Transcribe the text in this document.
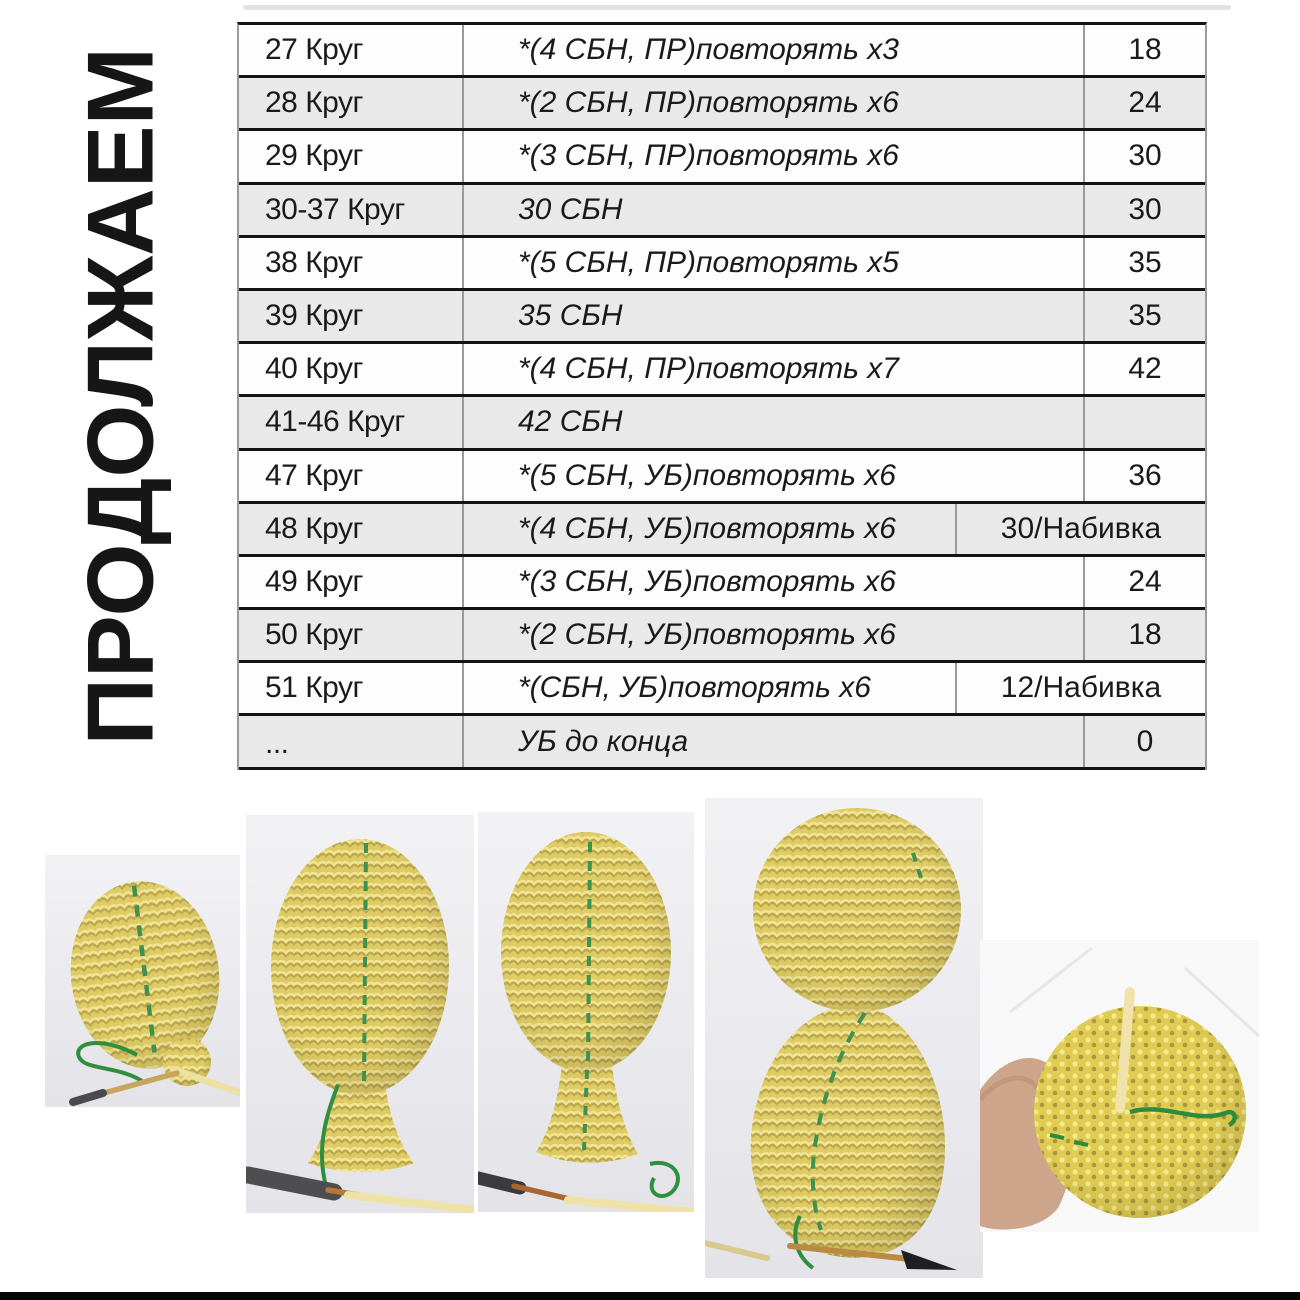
ПРОДОЛЖАЕМ	27 Круг	*(4 СБН, ПР)повторять х3	18
28 Круг	*(2 СБН, ПР)повторять х6	24
29 Круг	*(3 СБН, ПР)повторять х6	30
30-37 Круг	30 СБН	30
38 Круг	*(5 СБН, ПР)повторять х5	35
39 Круг	35 СБН	35
40 Круг	*(4 СБН, ПР)повторять х7	42
41-46 Круг	42 СБН
47 Круг	*(5 СБН, УБ)повторять х6	36
48 Круг	*(4 СБН, УБ)повторять х6	30/Набивка
49 Круг	*(3 СБН, УБ)повторять х6	24
50 Круг	*(2 СБН, УБ)повторять х6	18
51 Круг	*(СБН, УБ)повторять х6	12/Набивка
...	УБ до конца	0
